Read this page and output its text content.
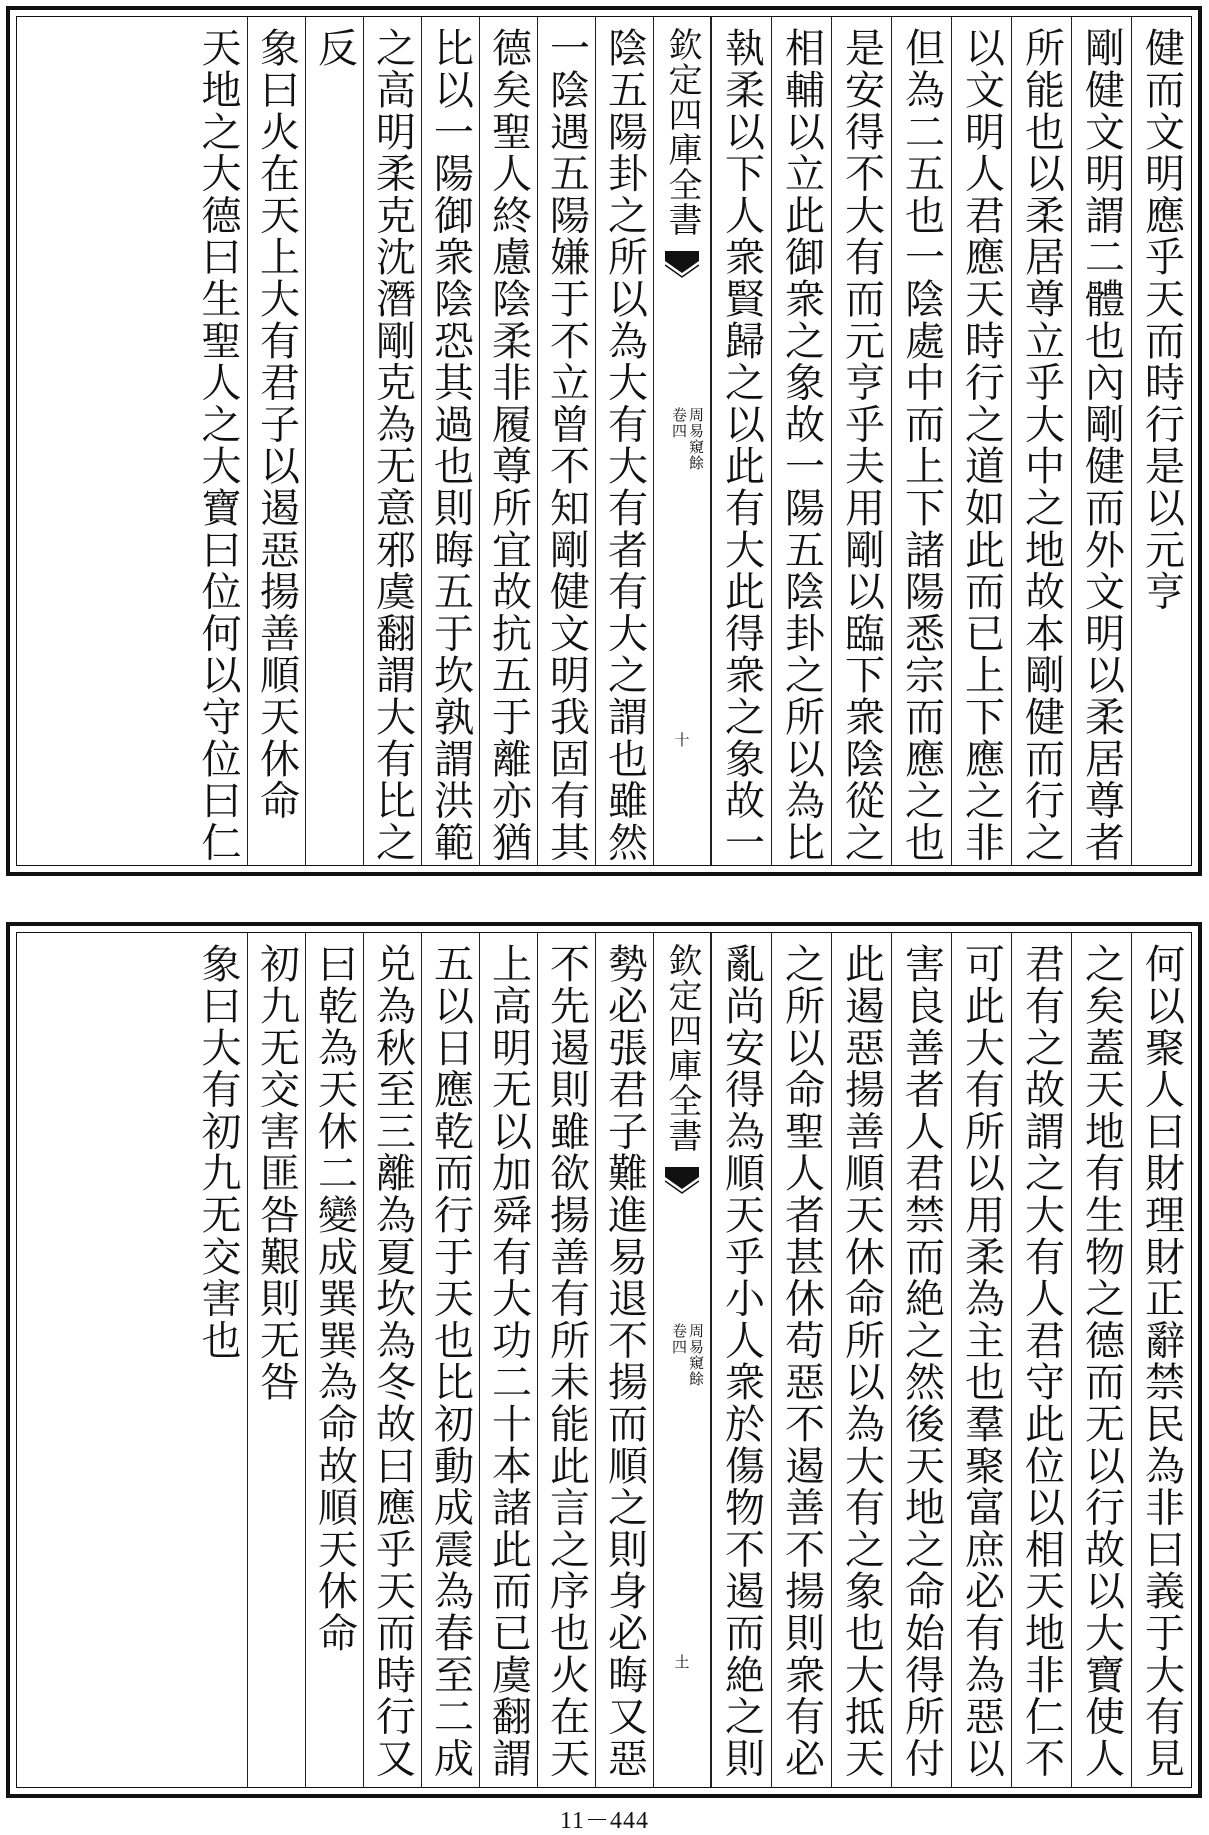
健而文明應乎天而時行是以元亨
剛健文明謂二體也內剛健而外文明以柔居尊者
所能也以柔居尊立乎大中之地故本剛健而行之
以文明人君應天時行之道如此而已上下應之非
但為二五也一陰處中而上下諸陽悉宗而應之也
是安得不大有而元亨乎夫用剛以臨下衆陰從之
相輔以立此御衆之象故一陽五陰卦之所以為比
執柔以下人衆賢歸之以此有大此得衆之象故一
欽定四庫全書
周易窺餘
卷四
十
陰五陽卦之所以為大有大有者有大之謂也雖然
一陰遇五陽嫌于不立曾不知剛健文明我固有其
德矣聖人終慮陰柔非履尊所宜故抗五于離亦猶
比以一陽御衆陰恐其過也則晦五于坎孰謂洪範
之高明柔克沈潛剛克為无意邪虞翻謂大有比之
反
象曰火在天上大有君子以遏惡揚善順天休命
天地之大德曰生聖人之大寶曰位何以守位曰仁
何以聚人曰財理財正辭禁民為非曰義于大有見
之矣蓋天地有生物之德而无以行故以大寶使人
君有之故謂之大有人君守此位以相天地非仁不
可此大有所以用柔為主也羣聚富庶必有為惡以
害良善者人君禁而絶之然後天地之命始得所付
此遏惡揚善順天休命所以為大有之象也大抵天
之所以命聖人者甚休苟惡不遏善不揚則衆有必
亂尚安得為順天乎小人衆於傷物不遏而絶之則
欽定四庫全書
周易窺餘
卷四
土
勢必張君子難進易退不揚而順之則身必晦又惡
不先遏則雖欲揚善有所未能此言之序也火在天
上高明无以加舜有大功二十本諸此而已虞翻謂
五以日應乾而行于天也比初動成震為春至二成
兑為秋至三離為夏坎為冬故曰應乎天而時行又
曰乾為天休二變成巽巽為命故順天休命
初九无交害匪咎艱則无咎
象曰大有初九无交害也
11－444
